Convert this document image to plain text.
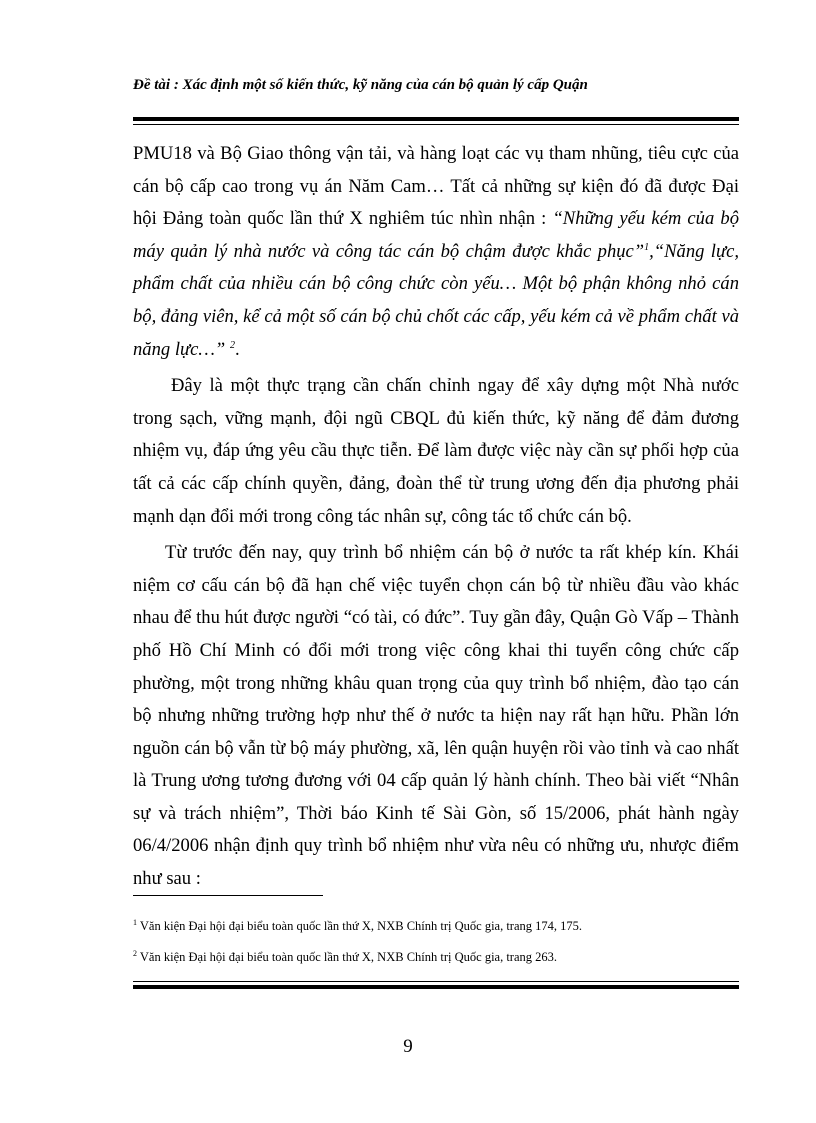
Đề tài : Xác định một số kiến thức, kỹ năng của cán bộ quản lý cấp Quận

PMU18 và Bộ Giao thông vận tải, và hàng loạt các vụ tham nhũng, tiêu cực của cán bộ cấp cao trong vụ án Năm Cam… Tất cả những sự kiện đó đã được Đại hội Đảng toàn quốc lần thứ X nghiêm túc nhìn nhận : “Những yếu kém của bộ máy quản lý nhà nước và công tác cán bộ chậm được khắc phục”$^1$,“Năng lực, phẩm chất của nhiều cán bộ công chức còn yếu… Một bộ phận không nhỏ cán bộ, đảng viên, kể cả một số cán bộ chủ chốt các cấp, yếu kém cả về phẩm chất và năng lực…” $^2$.

Đây là một thực trạng cần chấn chỉnh ngay để xây dựng một Nhà nước trong sạch, vững mạnh, đội ngũ CBQL đủ kiến thức, kỹ năng để đảm đương nhiệm vụ, đáp ứng yêu cầu thực tiễn. Để làm được việc này cần sự phối hợp của tất cả các cấp chính quyền, đảng, đoàn thể từ trung ương đến địa phương phải mạnh dạn đổi mới trong công tác nhân sự, công tác tổ chức cán bộ.

Từ trước đến nay, quy trình bổ nhiệm cán bộ ở nước ta rất khép kín. Khái niệm cơ cấu cán bộ đã hạn chế việc tuyển chọn cán bộ từ nhiều đầu vào khác nhau để thu hút được người “có tài, có đức”. Tuy gần đây, Quận Gò Vấp – Thành phố Hồ Chí Minh có đổi mới trong việc công khai thi tuyển công chức cấp phường, một trong những khâu quan trọng của quy trình bổ nhiệm, đào tạo cán bộ nhưng những trường hợp như thế ở nước ta hiện nay rất hạn hữu. Phần lớn nguồn cán bộ vẫn từ bộ máy phường, xã, lên quận huyện rồi vào tỉnh và cao nhất là Trung ương tương đương với 04 cấp quản lý hành chính. Theo bài viết “Nhân sự và trách nhiệm”, Thời báo Kinh tế Sài Gòn, số 15/2006, phát hành ngày 06/4/2006 nhận định quy trình bổ nhiệm như vừa nêu có những ưu, nhược điểm như sau :

$^1$ Văn kiện Đại hội đại biểu toàn quốc lần thứ X, NXB Chính trị Quốc gia, trang 174, 175.
$^2$ Văn kiện Đại hội đại biểu toàn quốc lần thứ X, NXB Chính trị Quốc gia, trang 263.
9
